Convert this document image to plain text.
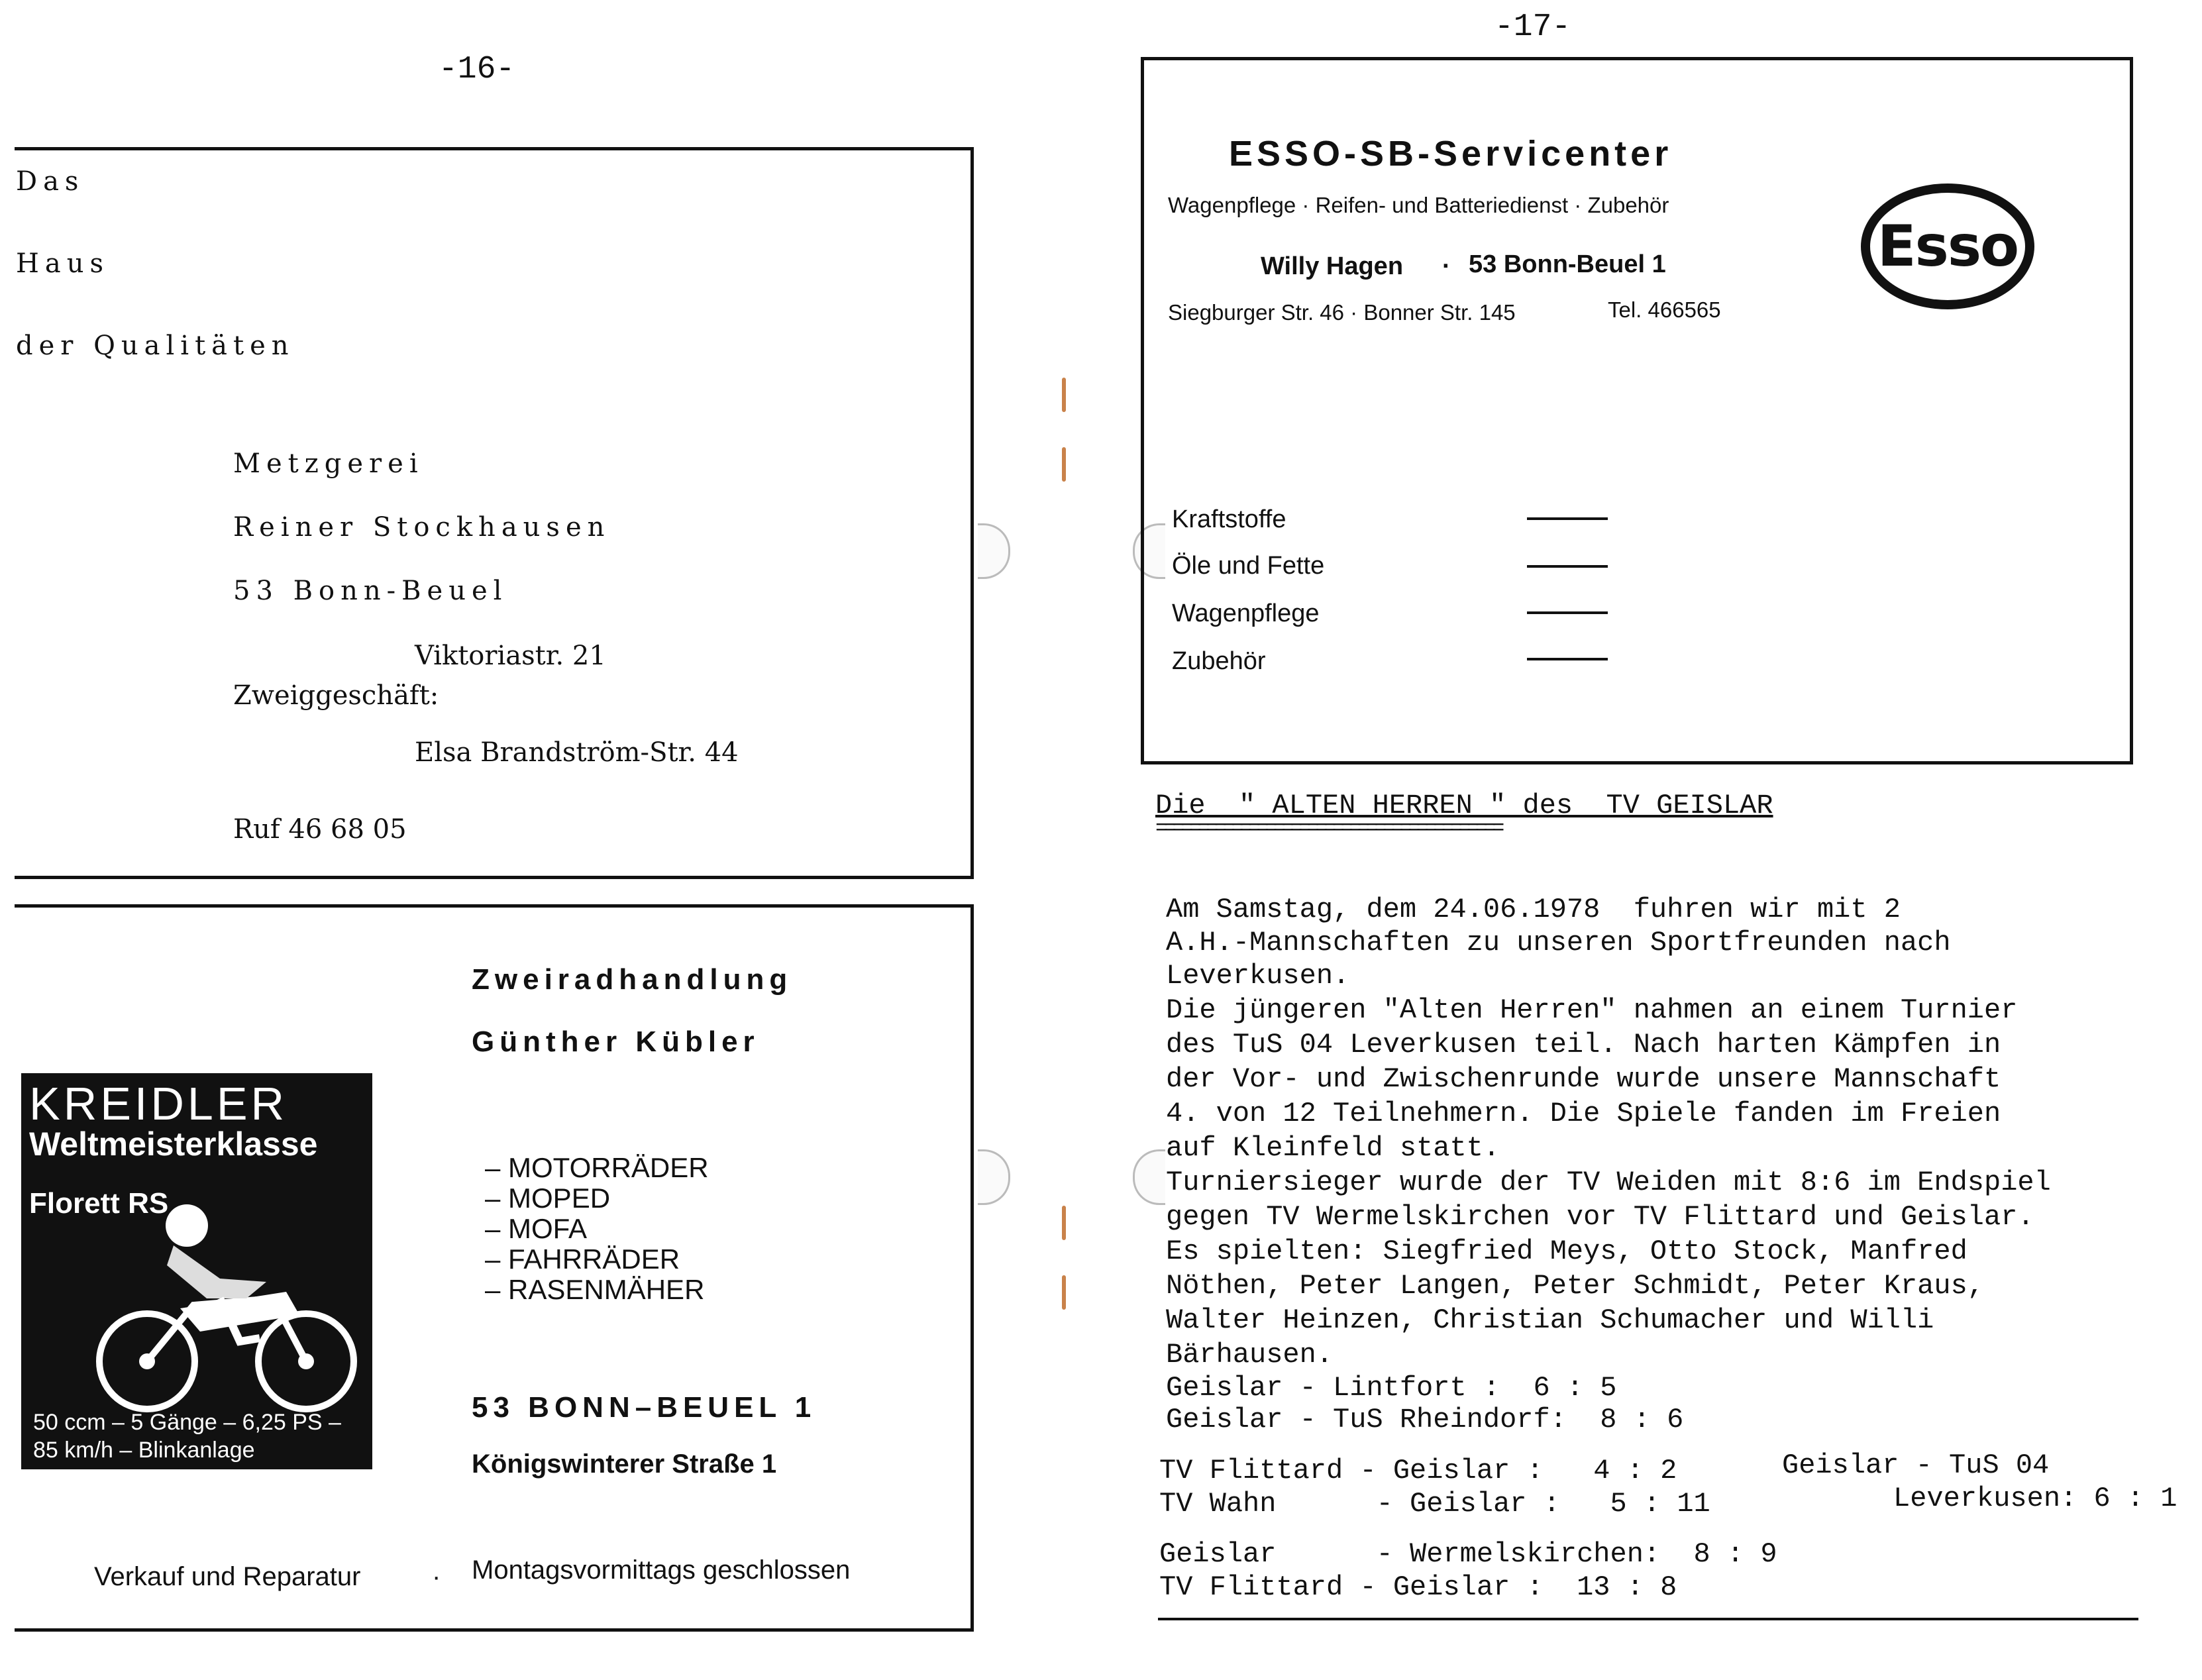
-16-
Das
Haus
der Qualitäten
Metzgerei
Reiner Stockhausen
53 Bonn-Beuel
Viktoriastr. 21
Zweiggeschäft:
Elsa Brandström-Str. 44
Ruf 46 68 05
Zweiradhandlung
Günther Kübler
KREIDLER
Weltmeisterklasse
Florett RS
50 ccm – 5 Gänge – 6,25 PS – 85 km/h – Blinkanlage
– MOTORRÄDER
– MOPED
– MOFA
– FAHRRÄDER
– RASENMÄHER
53 BONN–BEUEL 1
Königswinterer Straße 1
Verkauf und Reparatur	· Montagsvormittags geschlossen
-17-
ESSO-SB-Servicenter
Wagenpflege · Reifen- und Batteriedienst · Zubehör
Willy Hagen · 53 Bonn-Beuel 1
Siegburger Str. 46 · Bonner Str. 145	Tel. 466565
Esso
Kraftstoffe
Öle und Fette
Wagenpflege
Zubehör
Die  " ALTEN HERREN " des  TV GEISLAR
=========================================
Am Samstag, dem 24.06.1978  fuhren wir mit 2
A.H.-Mannschaften zu unseren Sportfreunden nach
Leverkusen.
Die jüngeren "Alten Herren" nahmen an einem Turnier
des TuS 04 Leverkusen teil. Nach harten Kämpfen in
der Vor- und Zwischenrunde wurde unsere Mannschaft
4. von 12 Teilnehmern. Die Spiele fanden im Freien
auf Kleinfeld statt.
Turniersieger wurde der TV Weiden mit 8:6 im Endspiel
gegen TV Wermelskirchen vor TV Flittard und Geislar.
Es spielten: Siegfried Meys, Otto Stock, Manfred
Nöthen, Peter Langen, Peter Schmidt, Peter Kraus,
Walter Heinzen, Christian Schumacher und Willi
Bärhausen.
Geislar - Lintfort :  6 : 5
Geislar - TuS Rheindorf:  8 : 6
TV Flittard - Geislar :   4 : 2
TV Wahn      - Geislar :   5 : 11
Geislar      - Wermelskirchen:  8 : 9
TV Flittard - Geislar :  13 : 8
Geislar - TuS 04
Leverkusen: 6 : 1
